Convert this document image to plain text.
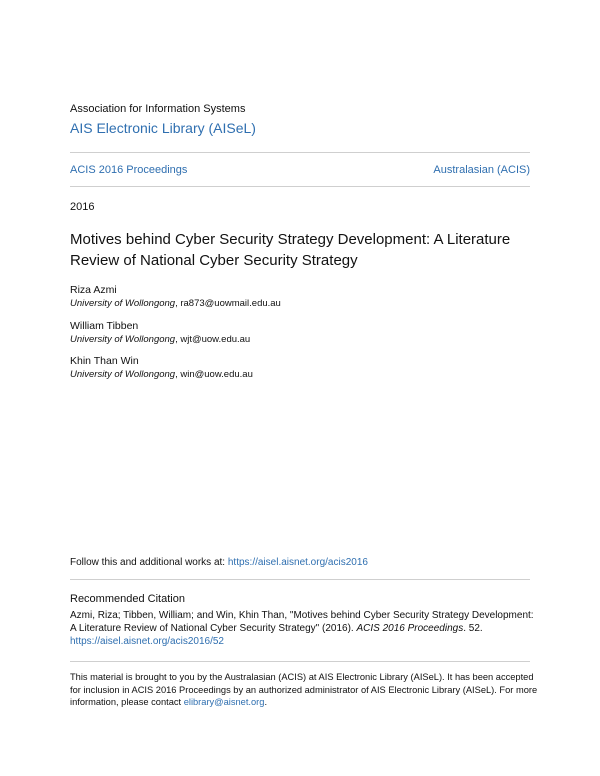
Association for Information Systems
AIS Electronic Library (AISeL)
ACIS 2016 Proceedings	Australasian (ACIS)
2016
Motives behind Cyber Security Strategy Development: A Literature Review of National Cyber Security Strategy
Riza Azmi
University of Wollongong, ra873@uowmail.edu.au
William Tibben
University of Wollongong, wjt@uow.edu.au
Khin Than Win
University of Wollongong, win@uow.edu.au
Follow this and additional works at: https://aisel.aisnet.org/acis2016
Recommended Citation
Azmi, Riza; Tibben, William; and Win, Khin Than, "Motives behind Cyber Security Strategy Development: A Literature Review of National Cyber Security Strategy" (2016). ACIS 2016 Proceedings. 52.
https://aisel.aisnet.org/acis2016/52
This material is brought to you by the Australasian (ACIS) at AIS Electronic Library (AISeL). It has been accepted for inclusion in ACIS 2016 Proceedings by an authorized administrator of AIS Electronic Library (AISeL). For more information, please contact elibrary@aisnet.org.
